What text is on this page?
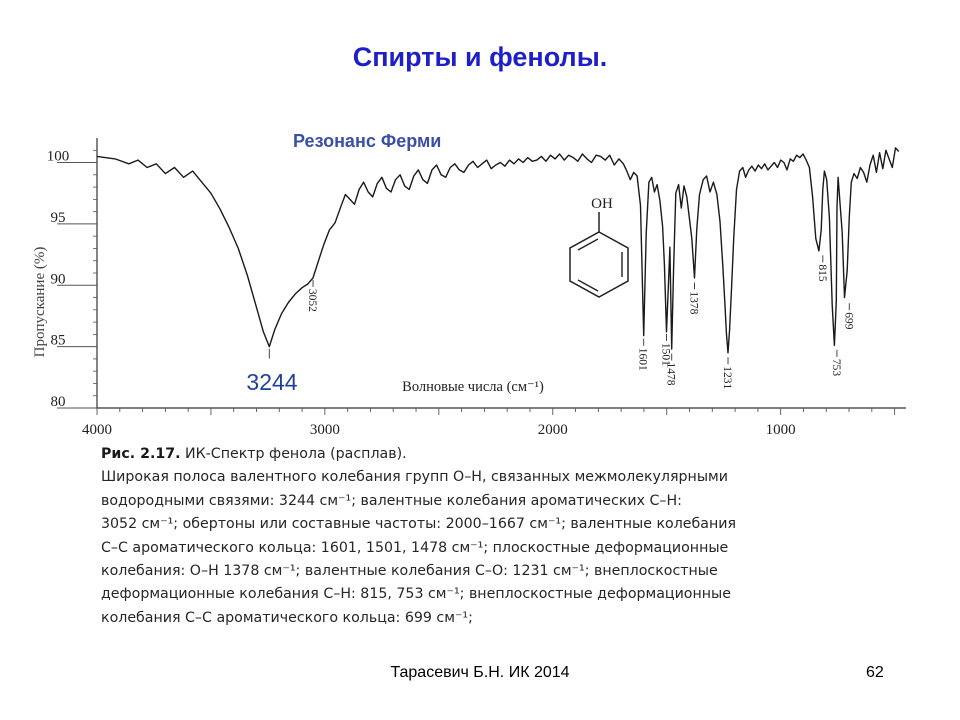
Спирты и фенолы.
80
85
90
95
100
4000	3000	2000	1000
3052
1601 1501
1478
1378
1231
815
753
699
Пропускание (%)
Волновые числа (см⁻¹)
Резонанс Ферми
3244
OH
Рис. 2.17. ИК-Спектр фенола (расплав).
Широкая полоса валентного колебания групп О–Н, связанных межмолекулярными
водородными связями: 3244 см⁻¹; валентные колебания ароматических С–Н:
3052 см⁻¹; обертоны или составные частоты: 2000–1667 см⁻¹; валентные колебания
С–С ароматического кольца: 1601, 1501, 1478 см⁻¹; плоскостные деформационные
колебания: О–Н 1378 см⁻¹; валентные колебания С–О: 1231 см⁻¹; внеплоскостные
деформационные колебания С–Н: 815, 753 см⁻¹; внеплоскостные деформационные
колебания С–С ароматического кольца: 699 см⁻¹;
Тарасевич Б.Н. ИК 2014	62
